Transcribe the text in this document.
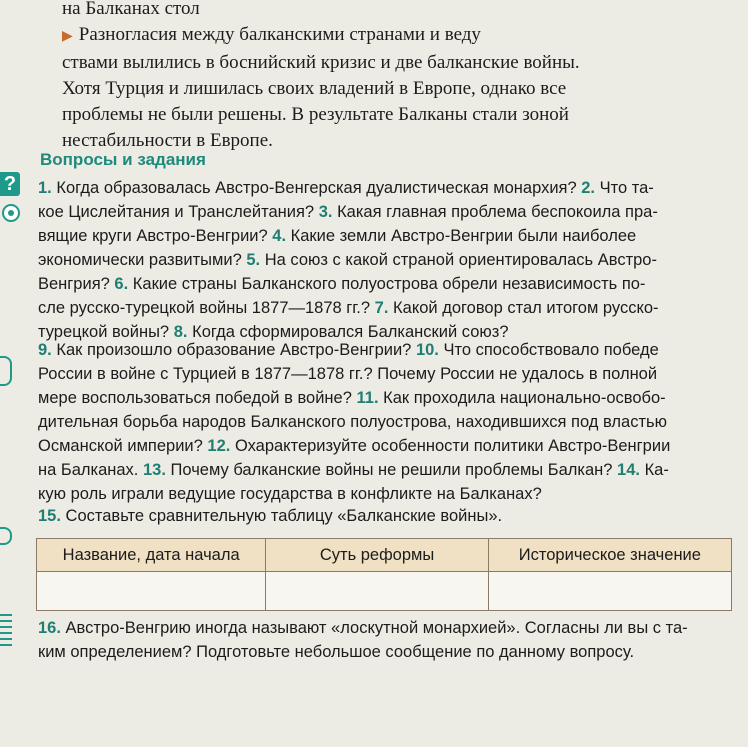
на Балканах стол
▶ Разногласия между балканскими странами и веду
ствами вылились в боснийский кризис и две балканские войны.
Хотя Турция и лишилась своих владений в Европе, однако все
проблемы не были решены. В результате Балканы стали зоной
нестабильности в Европе.
?
Вопросы и задания
1. Когда образовалась Австро-Венгерская дуалистическая монархия? 2. Что та-
кое Цислейтания и Транслейтания? 3. Какая главная проблема беспокоила пра-
вящие круги Австро-Венгрии? 4. Какие земли Австро-Венгрии были наиболее
экономически развитыми? 5. На союз с какой страной ориентировалась Австро-
Венгрия? 6. Какие страны Балканского полуострова обрели независимость по-
сле русско-турецкой войны 1877—1878 гг.? 7. Какой договор стал итогом русско-
турецкой войны? 8. Когда сформировался Балканский союз?
9. Как произошло образование Австро-Венгрии? 10. Что способствовало победе
России в войне с Турцией в 1877—1878 гг.? Почему России не удалось в полной
мере воспользоваться победой в войне? 11. Как проходила национально-освобо-
дительная борьба народов Балканского полуострова, находившихся под властью
Османской империи? 12. Охарактеризуйте особенности политики Австро-Венгрии
на Балканах. 13. Почему балканские войны не решили проблемы Балкан? 14. Ка-
кую роль играли ведущие государства в конфликте на Балканах?
15. Составьте сравнительную таблицу «Балканские войны».
Название, дата начала	Суть реформы	Историческое значение

16. Австро-Венгрию иногда называют «лоскутной монархией». Согласны ли вы с та-
ким определением? Подготовьте небольшое сообщение по данному вопросу.
